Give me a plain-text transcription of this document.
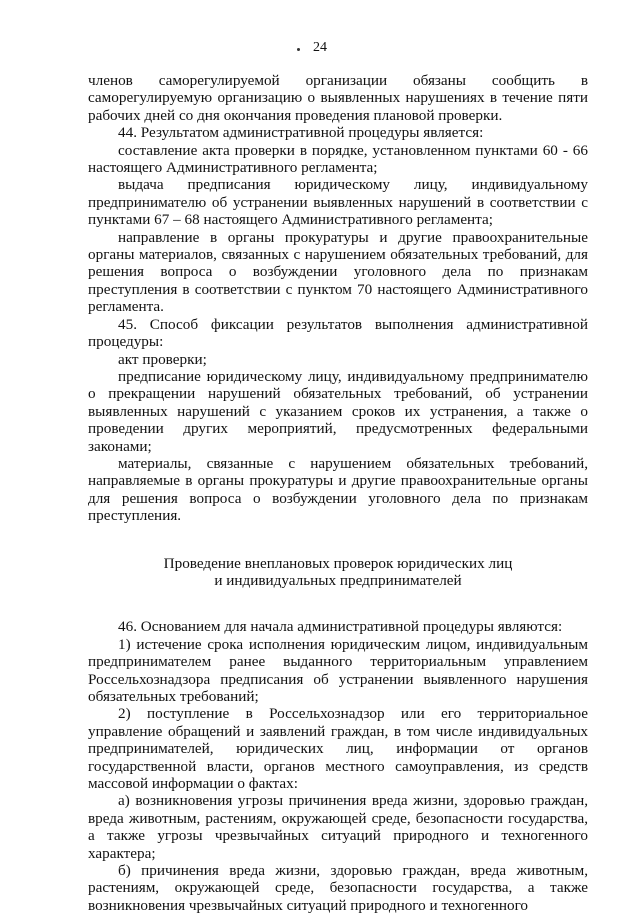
24

членов саморегулируемой организации обязаны сообщить в саморегулируемую организацию о выявленных нарушениях в течение пяти рабочих дней со дня окончания проведения плановой проверки.

44. Результатом административной процедуры является:

составление акта проверки в порядке, установленном пунктами 60 - 66 настоящего Административного регламента;

выдача предписания юридическому лицу, индивидуальному предпринимателю об устранении выявленных нарушений в соответствии с пунктами 67 – 68 настоящего Административного регламента;

направление в органы прокуратуры и другие правоохранительные органы материалов, связанных с нарушением обязательных требований, для решения вопроса о возбуждении уголовного дела по признакам преступления в соответствии с пунктом 70 настоящего Административного регламента.

45. Способ фиксации результатов выполнения административной процедуры:

акт проверки;

предписание юридическому лицу, индивидуальному предпринимателю о прекращении нарушений обязательных требований, об устранении выявленных нарушений с указанием сроков их устранения, а также о проведении других мероприятий, предусмотренных федеральными законами;

материалы, связанные с нарушением обязательных требований, направляемые в органы прокуратуры и другие правоохранительные органы для решения вопроса о возбуждении уголовного дела по признакам преступления.

Проведение внеплановых проверок юридических лиц
и индивидуальных предпринимателей

46. Основанием для начала административной процедуры являются:

1) истечение срока исполнения юридическим лицом, индивидуальным предпринимателем ранее выданного территориальным управлением Россельхознадзора предписания об устранении выявленного нарушения обязательных требований;

2) поступление в Россельхознадзор или его территориальное управление обращений и заявлений граждан, в том числе индивидуальных предпринимателей, юридических лиц, информации от органов государственной власти, органов местного самоуправления, из средств массовой информации о фактах:

а) возникновения угрозы причинения вреда жизни, здоровью граждан, вреда животным, растениям, окружающей среде, безопасности государства, а также угрозы чрезвычайных ситуаций природного и техногенного характера;

б) причинения вреда жизни, здоровью граждан, вреда животным, растениям, окружающей среде, безопасности государства, а также возникновения чрезвычайных ситуаций природного и техногенного
